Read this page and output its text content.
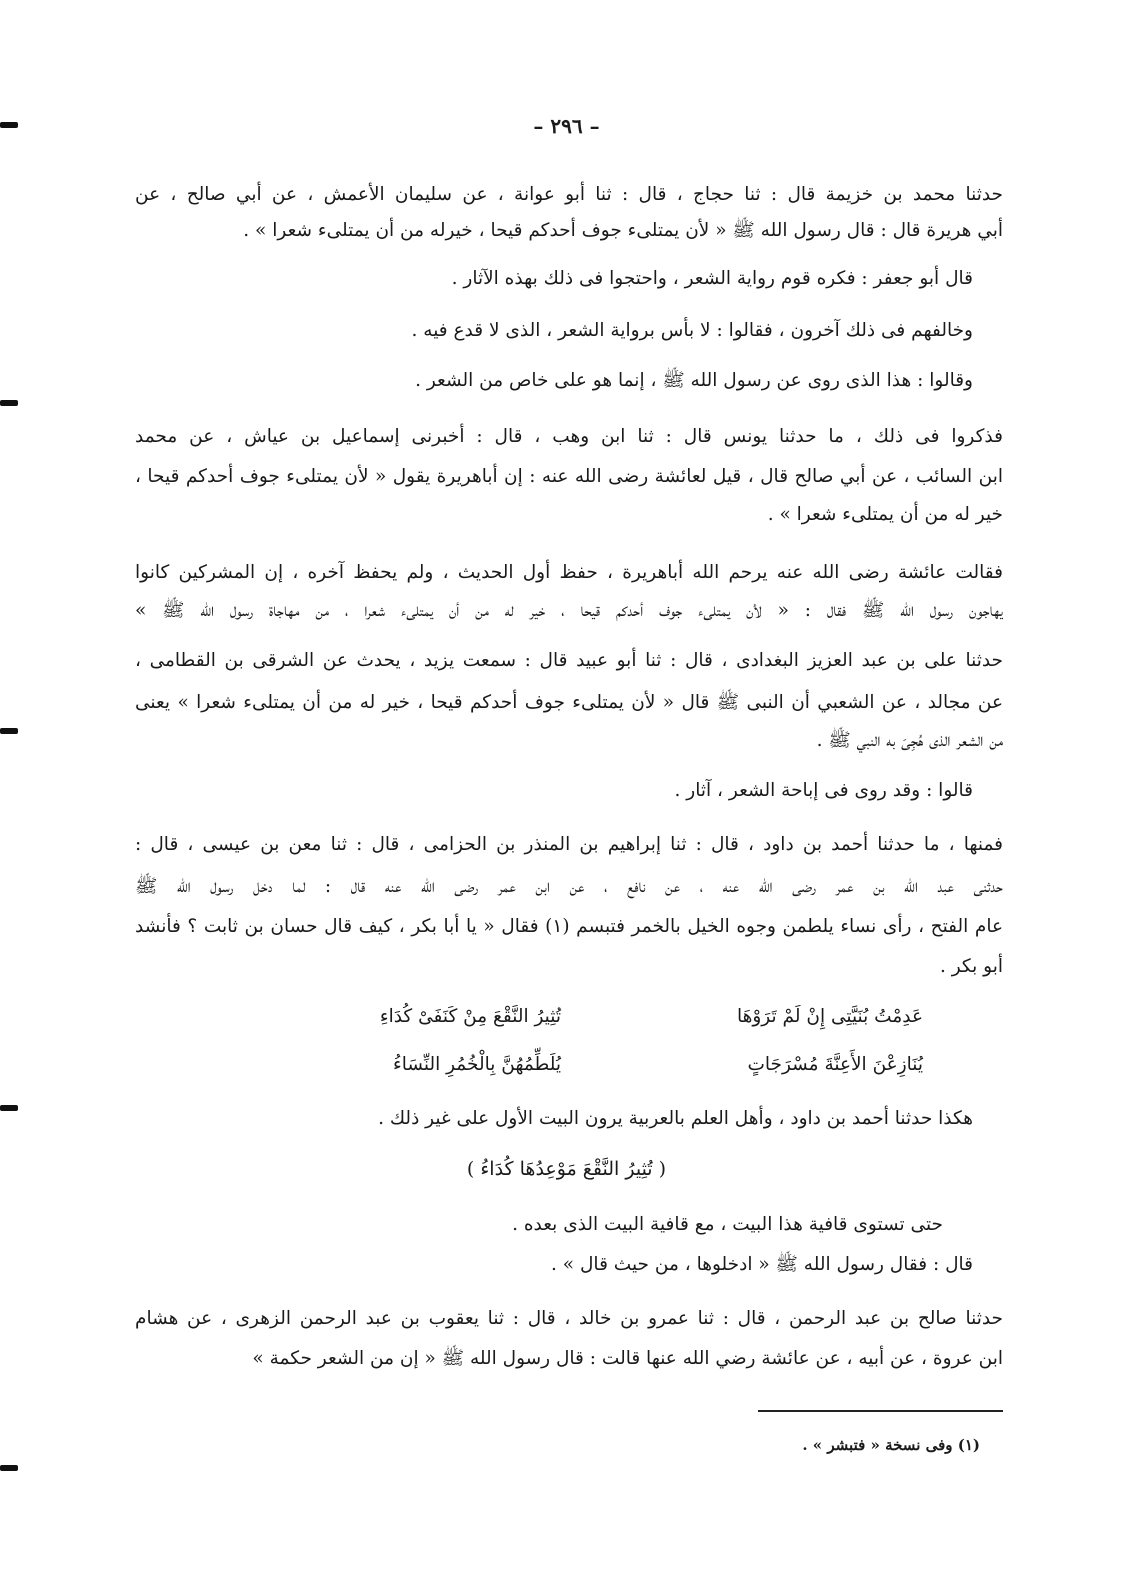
– ٢٩٦ –
حدثنا محمد بن خزيمة قال : ثنا حجاج ، قال : ثنا أبو عوانة ، عن سليمان الأعمش ، عن أبي صالح ، عن
أبي هريرة قال : قال رسول الله ﷺ « لأن يمتلىء جوف أحدكم قيحا ، خيرله من أن يمتلىء شعرا » .
قال أبو جعفر : فكره قوم رواية الشعر ، واحتجوا فى ذلك بهذه الآثار .
وخالفهم فى ذلك آخرون ، فقالوا : لا بأس برواية الشعر ، الذى لا قدع فيه .
وقالوا : هذا الذى روى عن رسول الله ﷺ ، إنما هو على خاص من الشعر .
فذكروا فى ذلك ، ما حدثنا يونس قال : ثنا ابن وهب ، قال : أخبرنى إسماعيل بن عياش ، عن محمد
ابن السائب ، عن أبي صالح قال ، قيل لعائشة رضى الله عنه : إن أباهريرة يقول « لأن يمتلىء جوف أحدكم قيحا ،
خير له من أن يمتلىء شعرا » .
فقالت عائشة رضى الله عنه يرحم الله أباهريرة ، حفظ أول الحديث ، ولم يحفظ آخره ، إن المشركين كانوا
يهاجون رسول الله ﷺ فقال : « لأن يمتلىء جوف أحدكم قيحا ، خير له من أن يمتلىء شعرا ، من مهاجاة رسول الله ﷺ »
حدثنا على بن عبد العزيز البغدادى ، قال : ثنا أبو عبيد قال : سمعت يزيد ، يحدث عن الشرقى بن القطامى ،
عن مجالد ، عن الشعبي أن النبى ﷺ قال « لأن يمتلىء جوف أحدكم قيحا ، خير له من أن يمتلىء شعرا » يعنى
من الشعر الذى هُجِىَ به النبي ﷺ .
قالوا : وقد روى فى إباحة الشعر ، آثار .
فمنها ، ما حدثنا أحمد بن داود ، قال : ثنا إبراهيم بن المنذر بن الحزامى ، قال : ثنا معن بن عيسى ، قال :
حدثنى عبد الله بن عمر رضى الله عنه ، عن نافع ، عن ابن عمر رضى الله عنه قال : لما دخل رسول الله ﷺ
عام الفتح ، رأى نساء يلطمن وجوه الخيل بالخمر فتبسم (١) فقال « يا أبا بكر ، كيف قال حسان بن ثابت ؟ فأنشد
أبو بكر .
عَدِمْتُ بُنَيَّتِى إِنْ لَمْ تَرَوْهَا
تُثِيرُ النَّقْعَ مِنْ كَنَفَىْ كُدَاءِ
يُنَازِعْنَ الأَعِنَّةَ مُسْرَجَاتٍ
يُلَطِّمُهُنَّ بِالْخُمُرِ النِّسَاءُ
هكذا حدثنا أحمد بن داود ، وأهل العلم بالعربية يرون البيت الأول على غير ذلك .
( تُثِيرُ النَّقْعَ مَوْعِدُهَا كُدَاءُ )
حتى تستوى قافية هذا البيت ، مع قافية البيت الذى بعده .
قال : فقال رسول الله ﷺ « ادخلوها ، من حيث قال » .
حدثنا صالح بن عبد الرحمن ، قال : ثنا عمرو بن خالد ، قال : ثنا يعقوب بن عبد الرحمن الزهرى ، عن هشام
ابن عروة ، عن أبيه ، عن عائشة رضي الله عنها قالت : قال رسول الله ﷺ « إن من الشعر حكمة »
(١) وفى نسخة « فتبشر » .
